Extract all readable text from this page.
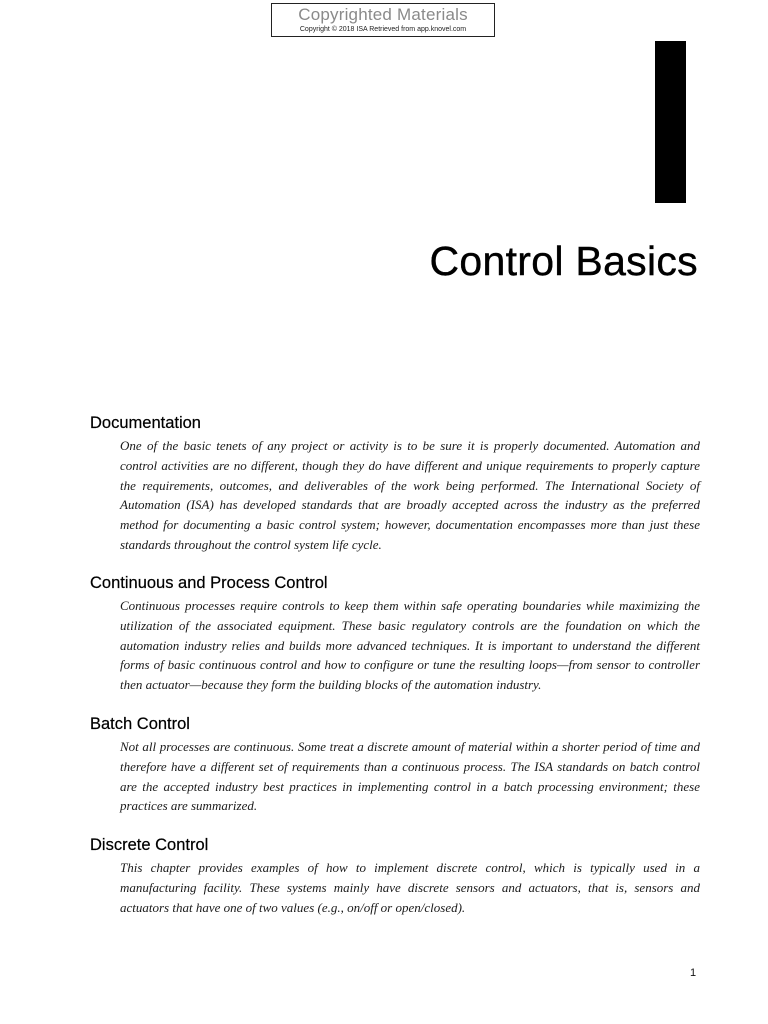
Copyrighted Materials
Copyright © 2018 ISA Retrieved from app.knovel.com
Control Basics
Documentation

One of the basic tenets of any project or activity is to be sure it is properly documented. Automation and control activities are no different, though they do have different and unique requirements to properly capture the requirements, outcomes, and deliverables of the work being performed. The International Society of Automation (ISA) has developed standards that are broadly accepted across the industry as the preferred method for documenting a basic control system; however, documentation encompasses more than just these standards throughout the control system life cycle.

Continuous and Process Control

Continuous processes require controls to keep them within safe operating boundaries while maximizing the utilization of the associated equipment. These basic regulatory controls are the foundation on which the automation industry relies and builds more advanced techniques. It is important to understand the different forms of basic continuous control and how to configure or tune the resulting loops—from sensor to controller then actuator—because they form the building blocks of the automation industry.

Batch Control

Not all processes are continuous. Some treat a discrete amount of material within a shorter period of time and therefore have a different set of requirements than a continuous process. The ISA standards on batch control are the accepted industry best practices in implementing control in a batch processing environment; these practices are summarized.

Discrete Control

This chapter provides examples of how to implement discrete control, which is typically used in a manufacturing facility. These systems mainly have discrete sensors and actuators, that is, sensors and actuators that have one of two values (e.g., on/off or open/closed).

1
